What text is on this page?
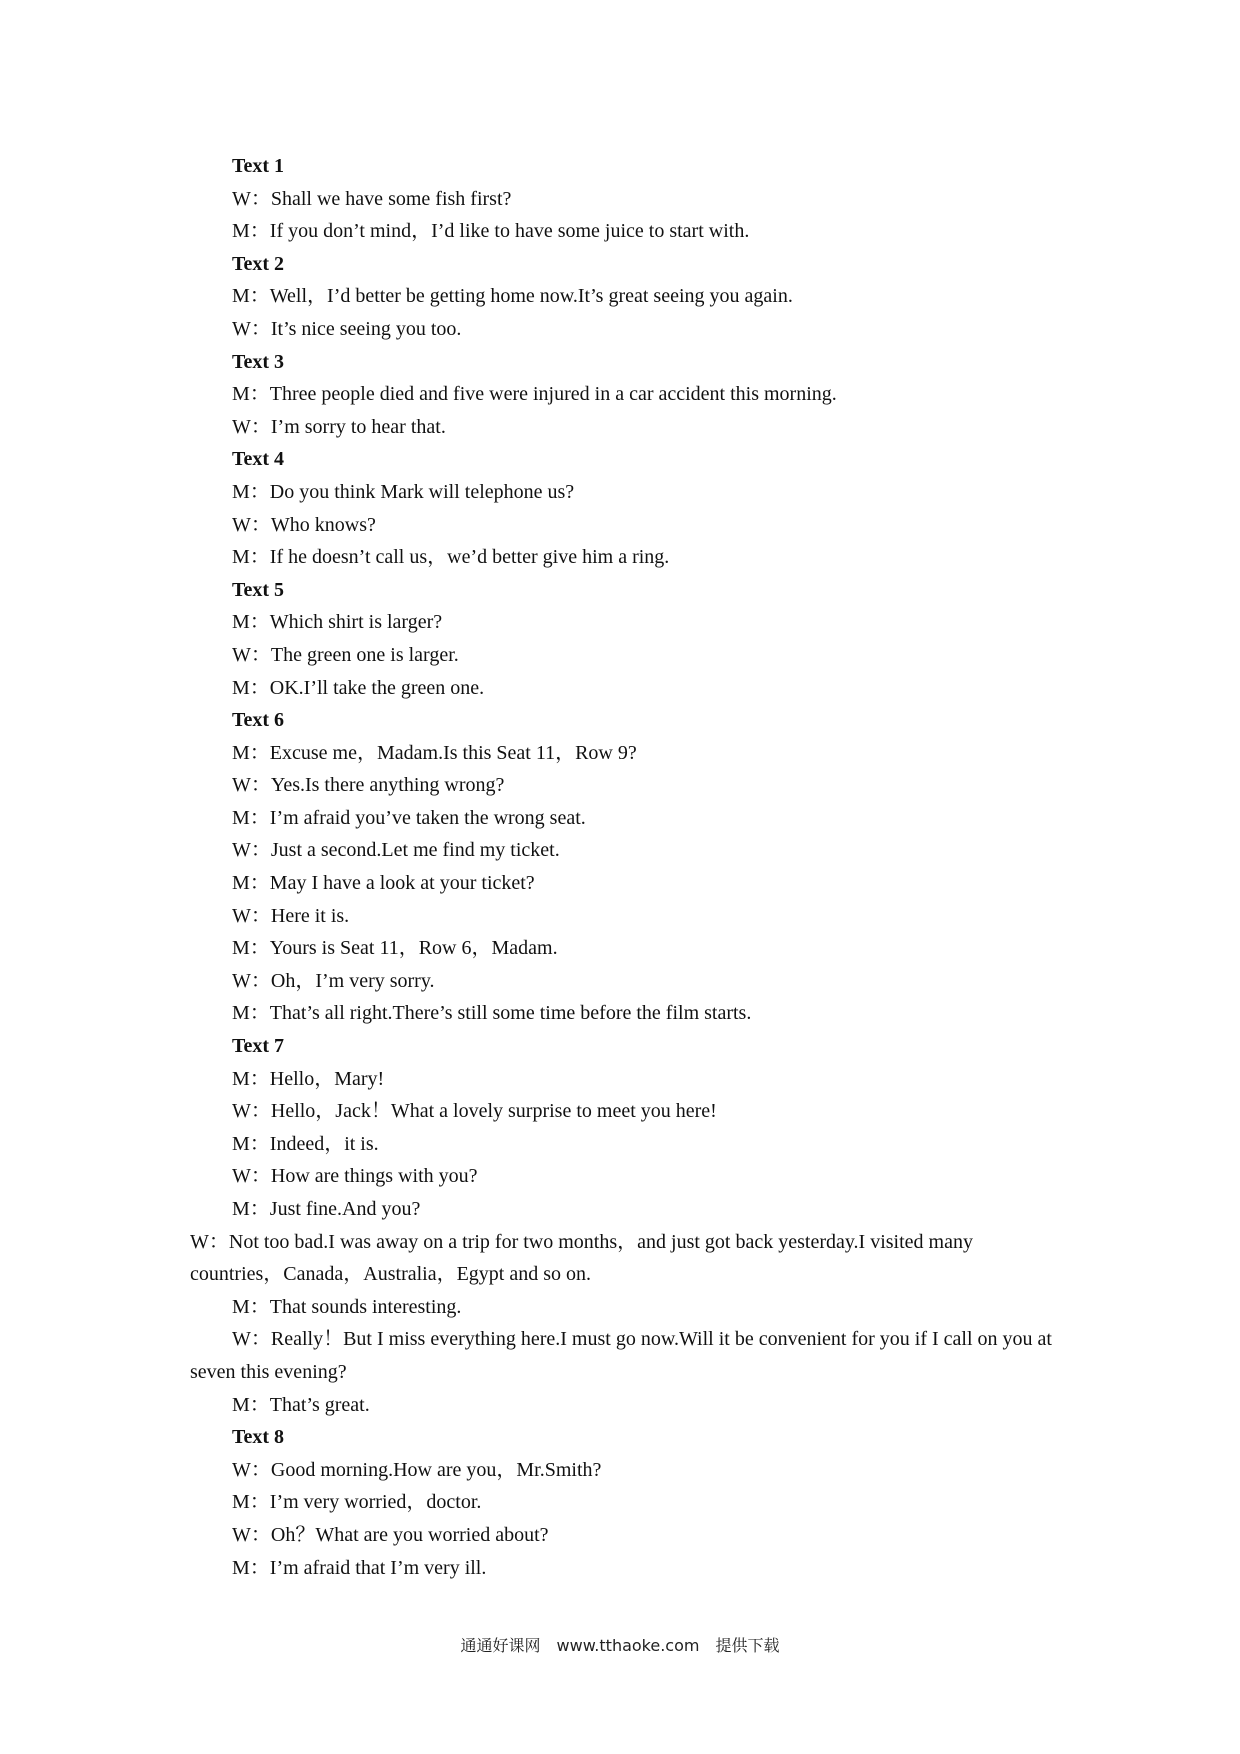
Text 1
W：Shall we have some fish first?
M：If you don’t mind，I’d like to have some juice to start with.
Text 2
M：Well，I’d better be getting home now.It’s great seeing you again.
W：It’s nice seeing you too.
Text 3
M：Three people died and five were injured in a car accident this morning.
W：I’m sorry to hear that.
Text 4
M：Do you think Mark will telephone us?
W：Who knows?
M：If he doesn’t call us，we’d better give him a ring.
Text 5
M：Which shirt is larger?
W：The green one is larger.
M：OK.I’ll take the green one.
Text 6
M：Excuse me，Madam.Is this Seat 11，Row 9?
W：Yes.Is there anything wrong?
M：I’m afraid you’ve taken the wrong seat.
W：Just a second.Let me find my ticket.
M：May I have a look at your ticket?
W：Here it is.
M：Yours is Seat 11，Row 6，Madam.
W：Oh，I’m very sorry.
M：That’s all right.There’s still some time before the film starts.
Text 7
M：Hello，Mary!
W：Hello，Jack！What a lovely surprise to meet you here!
M：Indeed，it is.
W：How are things with you?
M：Just fine.And you?
W：Not too bad.I was away on a trip for two months，and just got back yesterday.I visited many countries，Canada，Australia，Egypt and so on.
M：That sounds interesting.
W：Really！But I miss everything here.I must go now.Will it be convenient for you if I call on you at seven this evening?
M：That’s great.
Text 8
W：Good morning.How are you，Mr.Smith?
M：I’m very worried，doctor.
W：Oh？What are you worried about?
M：I’m afraid that I’m very ill.
通通好课网　www.tthaoke.com　提供下载
